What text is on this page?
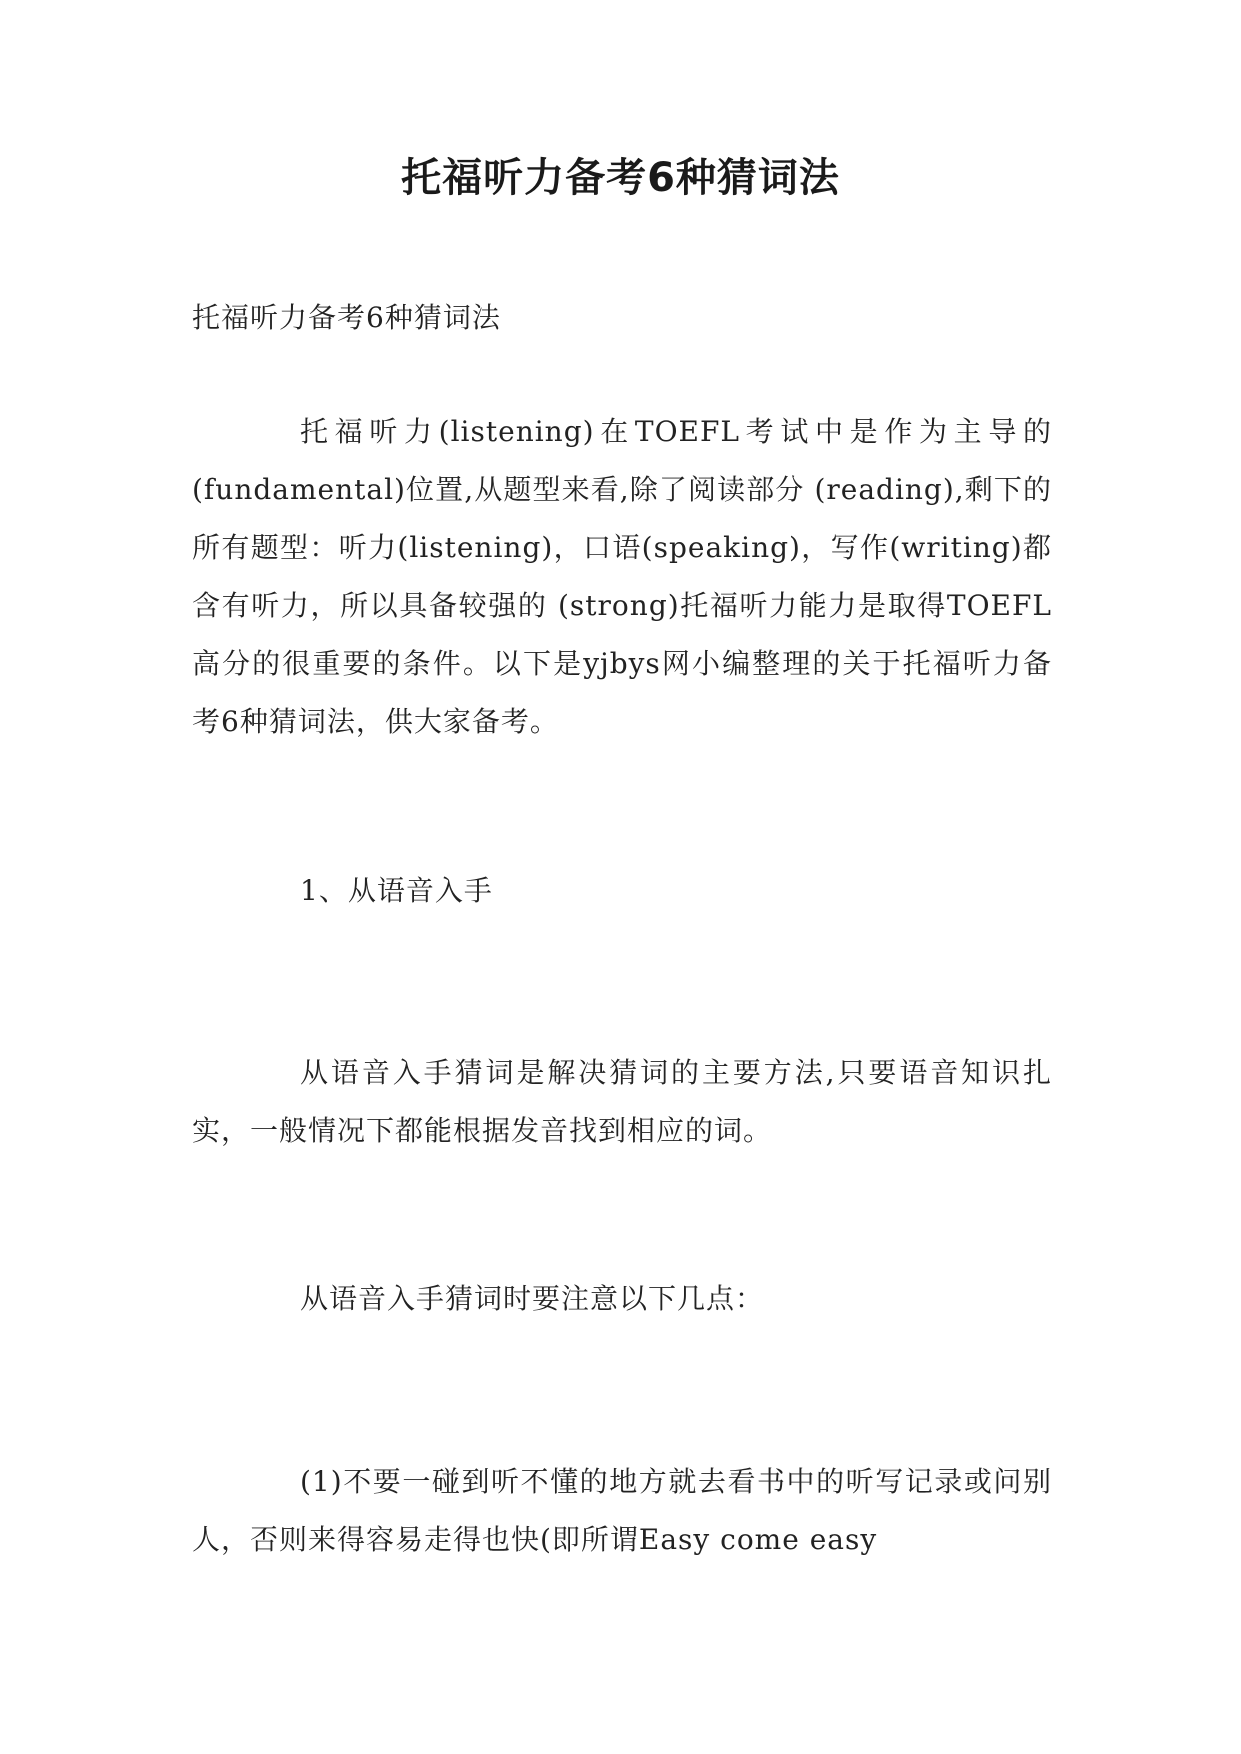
托福听力备考6种猜词法

托福听力备考6种猜词法

托福听力(listening)在TOEFL考试中是作为主导的(fundamental)位置,从题型来看,除了阅读部分 (reading),剩下的所有题型：听力(listening)，口语(speaking)，写作(writing)都含有听力，所以具备较强的 (strong)托福听力能力是取得TOEFL高分的很重要的条件。以下是yjbys网小编整理的关于托福听力备考6种猜词法，供大家备考。

1、从语音入手

从语音入手猜词是解决猜词的主要方法,只要语音知识扎实，一般情况下都能根据发音找到相应的词。

从语音入手猜词时要注意以下几点：

(1)不要一碰到听不懂的地方就去看书中的听写记录或问别人，否则来得容易走得也快(即所谓Easy come easy
